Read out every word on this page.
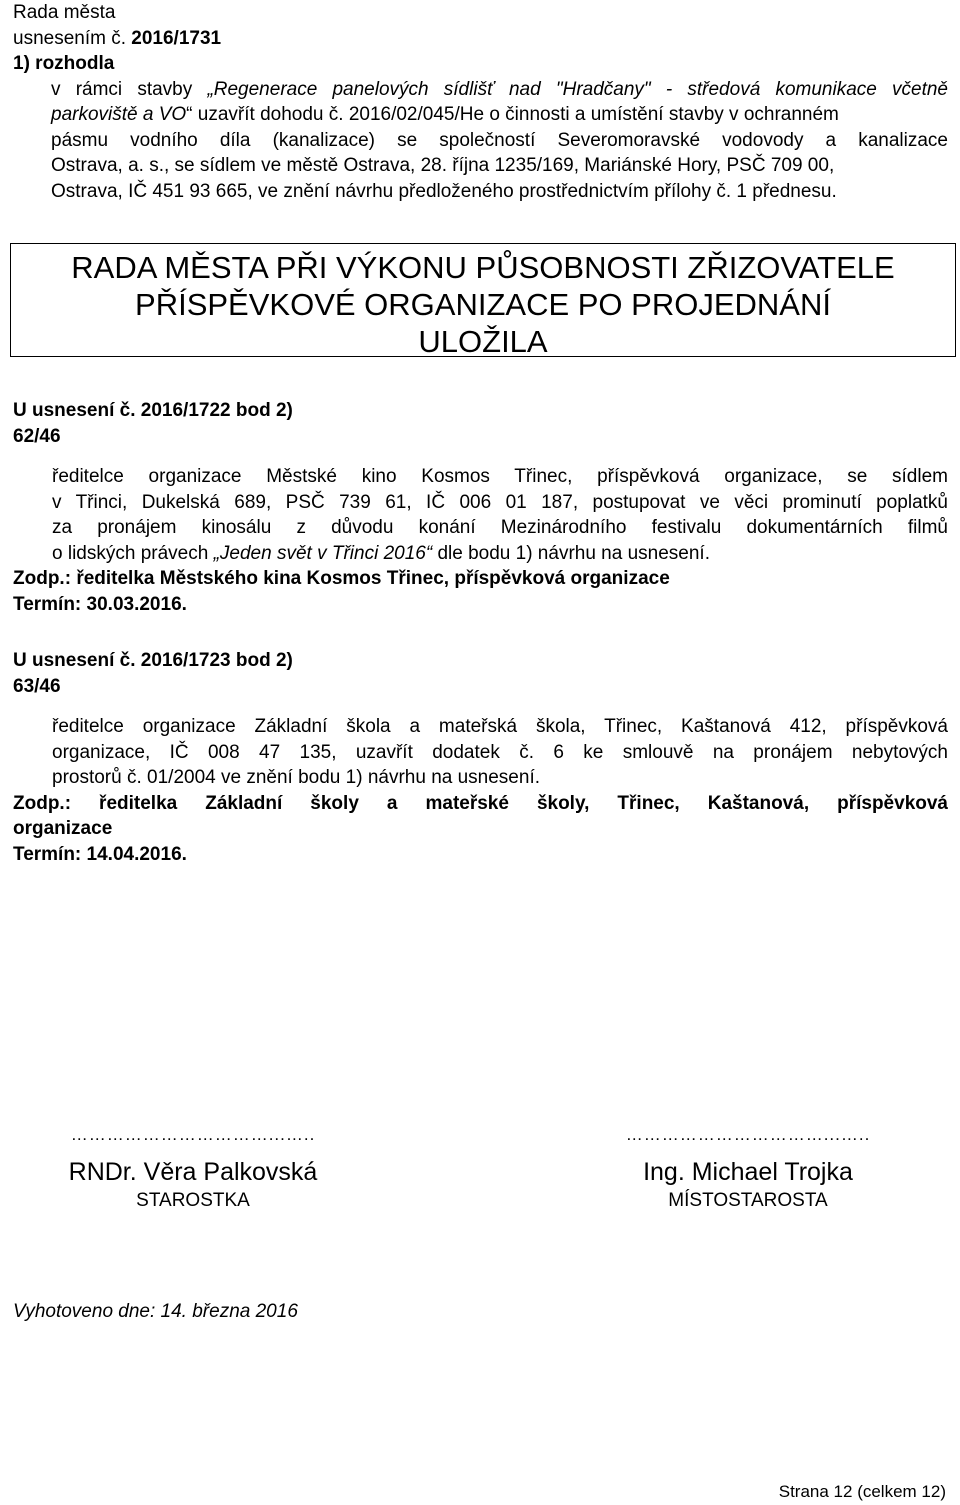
Rada města
usnesením č. 2016/1731
1) rozhodla
v rámci stavby „Regenerace panelových sídlišť nad "Hradčany" - středová komunikace včetně
parkoviště a VO“ uzavřít dohodu č. 2016/02/045/He o činnosti a umístění stavby v ochranném
pásmu vodního díla (kanalizace) se společností Severomoravské vodovody a kanalizace
Ostrava, a. s., se sídlem ve městě Ostrava, 28. října 1235/169, Mariánské Hory, PSČ 709 00,
Ostrava, IČ 451 93 665, ve znění návrhu předloženého prostřednictvím přílohy č. 1 přednesu.
RADA MĚSTA PŘI VÝKONU PŮSOBNOSTI ZŘIZOVATELE
PŘÍSPĚVKOVÉ ORGANIZACE PO PROJEDNÁNÍ
ULOŽILA
U usnesení č. 2016/1722 bod 2)
62/46
ředitelce organizace Městské kino Kosmos Třinec, příspěvková organizace, se sídlem
v Třinci, Dukelská 689, PSČ 739 61, IČ 006 01 187, postupovat ve věci prominutí poplatků
za pronájem kinosálu z důvodu konání Mezinárodního festivalu dokumentárních filmů
o lidských právech „Jeden svět v Třinci 2016“ dle bodu 1) návrhu na usnesení.
Zodp.: ředitelka Městského kina Kosmos Třinec, příspěvková organizace
Termín: 30.03.2016.
U usnesení č. 2016/1723 bod 2)
63/46
ředitelce organizace Základní škola a mateřská škola, Třinec, Kaštanová 412, příspěvková
organizace, IČ 008 47 135, uzavřít dodatek č. 6 ke smlouvě na pronájem nebytových
prostorů č. 01/2004 ve znění bodu 1) návrhu na usnesení.
Zodp.: ředitelka Základní školy a mateřské školy, Třinec, Kaštanová, příspěvková
organizace
Termín: 14.04.2016.
……………………………...…..
RNDr. Věra Palkovská
STAROSTKA
……………………………...…..
Ing. Michael Trojka
MÍSTOSTAROSTA
Vyhotoveno dne: 14. března 2016
Strana 12 (celkem 12)
